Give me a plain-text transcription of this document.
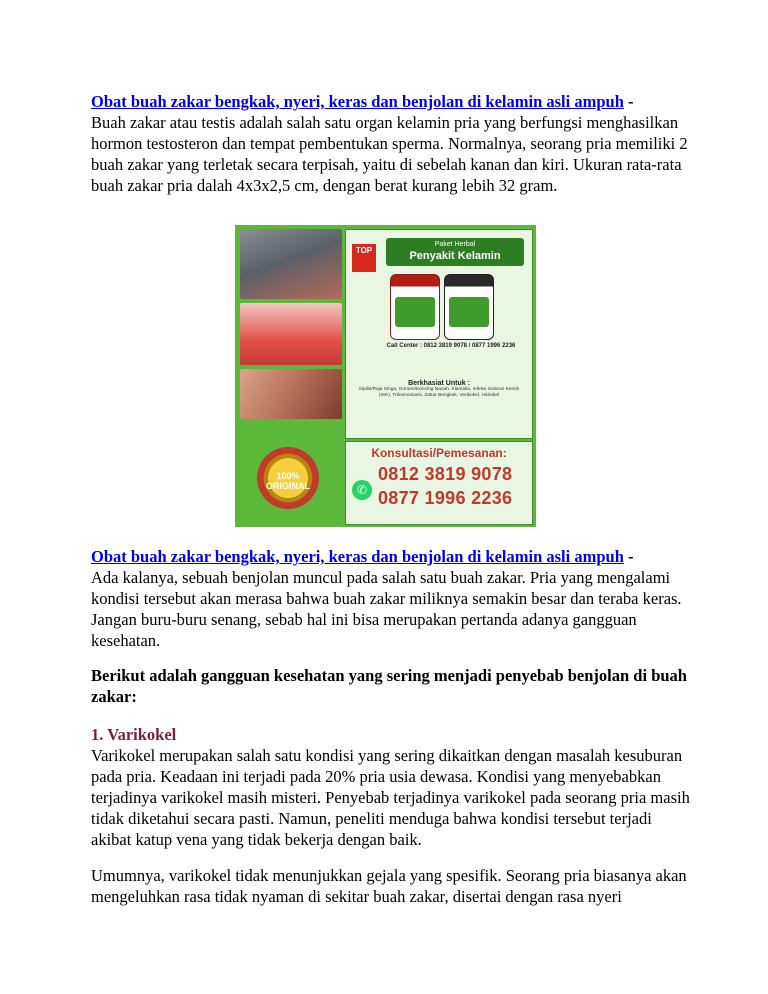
Obat buah zakar bengkak, nyeri, keras dan benjolan di kelamin asli ampuh -
Buah zakar atau testis adalah salah satu organ kelamin pria yang berfungsi menghasilkan hormon testosteron dan tempat pembentukan sperma. Normalnya, seorang pria memiliki 2 buah zakar yang terletak secara terpisah, yaitu di sebelah kanan dan kiri. Ukuran rata-rata buah zakar pria dalah 4x3x2,5 cm, dengan berat kurang lebih 32 gram.
TOP
Paket Herbal
Penyakit Kelamin
Call Center : 0812 3819 9078 / 0877 1996 2236
Berkhasiat Untuk :
Sipilis/Raja Singa, Gonore/Kencing Nanah, Klamidia, Infeksi Saluran Kemih (ISK), Trikomoniasis, Zakar Bengkak, Verikokel, Hidrokel
100% ORIGINAL
Konsultasi/Pemesanan:
✆
0812 3819 9078
0877 1996 2236
Obat buah zakar bengkak, nyeri, keras dan benjolan di kelamin asli ampuh -
Ada kalanya, sebuah benjolan muncul pada salah satu buah zakar. Pria yang mengalami kondisi tersebut akan merasa bahwa buah zakar miliknya semakin besar dan teraba keras. Jangan buru-buru senang, sebab hal ini bisa merupakan pertanda adanya gangguan kesehatan.
Berikut adalah gangguan kesehatan yang sering menjadi penyebab benjolan di buah zakar:
1. Varikokel
Varikokel merupakan salah satu kondisi yang sering dikaitkan dengan masalah kesuburan pada pria. Keadaan ini terjadi pada 20% pria usia dewasa. Kondisi yang menyebabkan terjadinya varikokel masih misteri. Penyebab terjadinya varikokel pada seorang pria masih tidak diketahui secara pasti. Namun, peneliti menduga bahwa kondisi tersebut terjadi akibat katup vena yang tidak bekerja dengan baik.
Umumnya, varikokel tidak menunjukkan gejala yang spesifik. Seorang pria biasanya akan mengeluhkan rasa tidak nyaman di sekitar buah zakar, disertai dengan rasa nyeri
